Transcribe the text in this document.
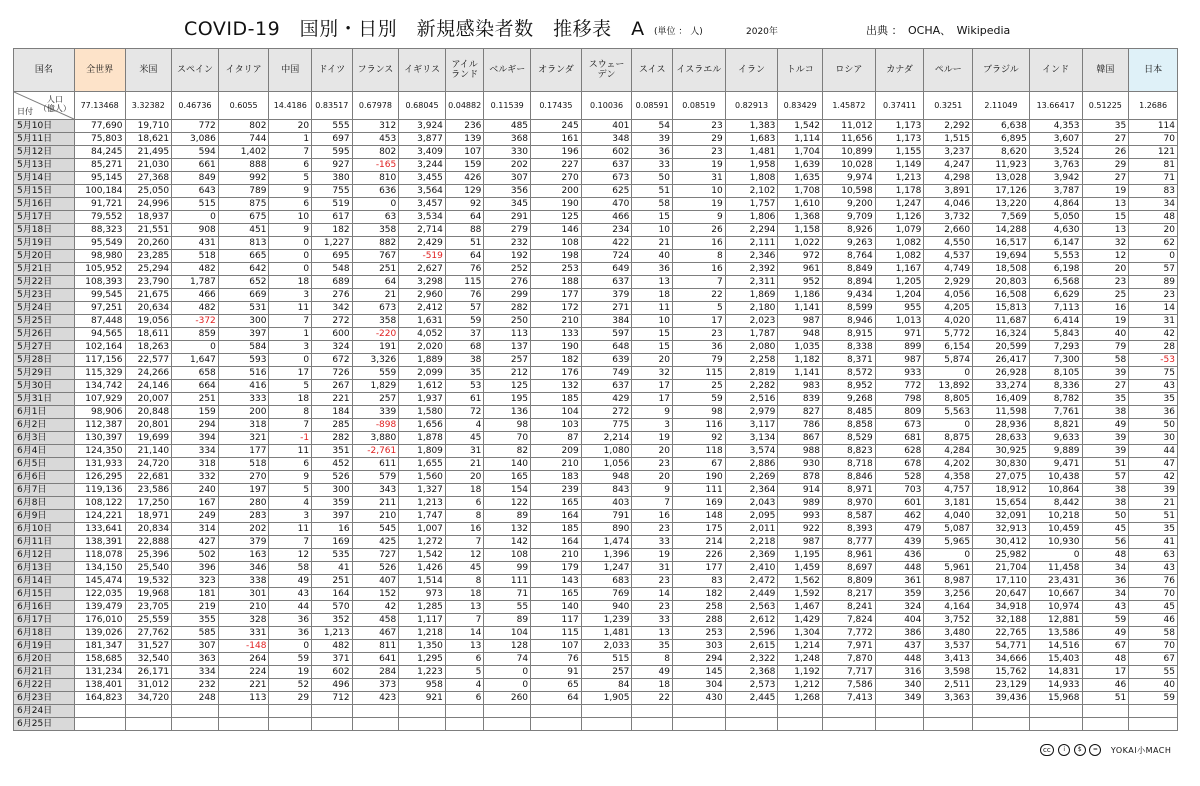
COVID-19　国別・日別　新規感染者数　推移表　A (単位 ： 人)	2020年	出典 ：　OCHA、　Wikipedia
国名	全世界	米国	スペイン	イタリア	中国	ドイツ	フランス	イギリス	アイル
ランド	ベルギー	オランダ	スウェー
デン	スイス	イスラエル	イラン	トルコ	ロシア	カナダ	ペルー	ブラジル	インド	韓国	日本

人口
（億人）
日付	77.13468	3.32382	0.46736	0.6055	14.4186	0.83517	0.67978	0.68045	0.04882	0.11539	0.17435	0.10036	0.08591	0.08519	0.82913	0.83429	1.45872	0.37411	0.3251	2.11049	13.66417	0.51225	1.2686
5月10日	77,690	19,710	772	802	20	555	312	3,924	236	485	245	401	54	23	1,383	1,542	11,012	1,173	2,292	6,638	4,353	35	114
5月11日	75,803	18,621	3,086	744	1	697	453	3,877	139	368	161	348	39	29	1,683	1,114	11,656	1,173	1,515	6,895	3,607	27	70
5月12日	84,245	21,495	594	1,402	7	595	802	3,409	107	330	196	602	36	23	1,481	1,704	10,899	1,155	3,237	8,620	3,524	26	121
5月13日	85,271	21,030	661	888	6	927	-165	3,244	159	202	227	637	33	19	1,958	1,639	10,028	1,149	4,247	11,923	3,763	29	81
5月14日	95,145	27,368	849	992	5	380	810	3,455	426	307	270	673	50	31	1,808	1,635	9,974	1,213	4,298	13,028	3,942	27	71
5月15日	100,184	25,050	643	789	9	755	636	3,564	129	356	200	625	51	10	2,102	1,708	10,598	1,178	3,891	17,126	3,787	19	83
5月16日	91,721	24,996	515	875	6	519	0	3,457	92	345	190	470	58	19	1,757	1,610	9,200	1,247	4,046	13,220	4,864	13	34
5月17日	79,552	18,937	0	675	10	617	63	3,534	64	291	125	466	15	9	1,806	1,368	9,709	1,126	3,732	7,569	5,050	15	48
5月18日	88,323	21,551	908	451	9	182	358	2,714	88	279	146	234	10	26	2,294	1,158	8,926	1,079	2,660	14,288	4,630	13	20
5月19日	95,549	20,260	431	813	0	1,227	882	2,429	51	232	108	422	21	16	2,111	1,022	9,263	1,082	4,550	16,517	6,147	32	62
5月20日	98,980	23,285	518	665	0	695	767	-519	64	192	198	724	40	8	2,346	972	8,764	1,082	4,537	19,694	5,553	12	0
5月21日	105,952	25,294	482	642	0	548	251	2,627	76	252	253	649	36	16	2,392	961	8,849	1,167	4,749	18,508	6,198	20	57
5月22日	108,393	23,790	1,787	652	18	689	64	3,298	115	276	188	637	13	7	2,311	952	8,894	1,205	2,929	20,803	6,568	23	89
5月23日	99,545	21,675	466	669	3	276	21	2,960	76	299	177	379	18	22	1,869	1,186	9,434	1,204	4,056	16,508	6,629	25	23
5月24日	97,251	20,634	482	531	11	342	673	2,412	57	282	172	271	11	5	2,180	1,141	8,599	955	4,205	15,813	7,113	16	14
5月25日	87,448	19,056	-372	300	7	272	358	1,631	59	250	210	384	10	17	2,023	987	8,946	1,013	4,020	11,687	6,414	19	31
5月26日	94,565	18,611	859	397	1	600	-220	4,052	37	113	133	597	15	23	1,787	948	8,915	971	5,772	16,324	5,843	40	42
5月27日	102,164	18,263	0	584	3	324	191	2,020	68	137	190	648	15	36	2,080	1,035	8,338	899	6,154	20,599	7,293	79	28
5月28日	117,156	22,577	1,647	593	0	672	3,326	1,889	38	257	182	639	20	79	2,258	1,182	8,371	987	5,874	26,417	7,300	58	-53
5月29日	115,329	24,266	658	516	17	726	559	2,099	35	212	176	749	32	115	2,819	1,141	8,572	933	0	26,928	8,105	39	75
5月30日	134,742	24,146	664	416	5	267	1,829	1,612	53	125	132	637	17	25	2,282	983	8,952	772	13,892	33,274	8,336	27	43
5月31日	107,929	20,007	251	333	18	221	257	1,937	61	195	185	429	17	59	2,516	839	9,268	798	8,805	16,409	8,782	35	35
6月1日	98,906	20,848	159	200	8	184	339	1,580	72	136	104	272	9	98	2,979	827	8,485	809	5,563	11,598	7,761	38	36
6月2日	112,387	20,801	294	318	7	285	-898	1,656	4	98	103	775	3	116	3,117	786	8,858	673	0	28,936	8,821	49	50
6月3日	130,397	19,699	394	321	-1	282	3,880	1,878	45	70	87	2,214	19	92	3,134	867	8,529	681	8,875	28,633	9,633	39	30
6月4日	124,350	21,140	334	177	11	351	-2,761	1,809	31	82	209	1,080	20	118	3,574	988	8,823	628	4,284	30,925	9,889	39	44
6月5日	131,933	24,720	318	518	6	452	611	1,655	21	140	210	1,056	23	67	2,886	930	8,718	678	4,202	30,830	9,471	51	47
6月6日	126,295	22,681	332	270	9	526	579	1,560	20	165	183	948	20	190	2,269	878	8,846	528	4,358	27,075	10,438	57	42
6月7日	119,136	23,586	240	197	5	300	343	1,327	18	154	239	843	9	111	2,364	914	8,971	703	4,757	18,912	10,864	38	39
6月8日	108,122	17,250	167	280	4	359	211	1,213	6	122	165	403	7	169	2,043	989	8,970	601	3,181	15,654	8,442	38	21
6月9日	124,221	18,971	249	283	3	397	210	1,747	8	89	164	791	16	148	2,095	993	8,587	462	4,040	32,091	10,218	50	51
6月10日	133,641	20,834	314	202	11	16	545	1,007	16	132	185	890	23	175	2,011	922	8,393	479	5,087	32,913	10,459	45	35
6月11日	138,391	22,888	427	379	7	169	425	1,272	7	142	164	1,474	33	214	2,218	987	8,777	439	5,965	30,412	10,930	56	41
6月12日	118,078	25,396	502	163	12	535	727	1,542	12	108	210	1,396	19	226	2,369	1,195	8,961	436	0	25,982	0	48	63
6月13日	134,150	25,540	396	346	58	41	526	1,426	45	99	179	1,247	31	177	2,410	1,459	8,697	448	5,961	21,704	11,458	34	43
6月14日	145,474	19,532	323	338	49	251	407	1,514	8	111	143	683	23	83	2,472	1,562	8,809	361	8,987	17,110	23,431	36	76
6月15日	122,035	19,968	181	301	43	164	152	973	18	71	165	769	14	182	2,449	1,592	8,217	359	3,256	20,647	10,667	34	70
6月16日	139,479	23,705	219	210	44	570	42	1,285	13	55	140	940	23	258	2,563	1,467	8,241	324	4,164	34,918	10,974	43	45
6月17日	176,010	25,559	355	328	36	352	458	1,117	7	89	117	1,239	33	288	2,612	1,429	7,824	404	3,752	32,188	12,881	59	46
6月18日	139,026	27,762	585	331	36	1,213	467	1,218	14	104	115	1,481	13	253	2,596	1,304	7,772	386	3,480	22,765	13,586	49	58
6月19日	181,347	31,527	307	-148	0	482	811	1,350	13	128	107	2,033	35	303	2,615	1,214	7,971	437	3,537	54,771	14,516	67	70
6月20日	158,685	32,540	363	264	59	371	641	1,295	6	74	76	515	8	294	2,322	1,248	7,870	448	3,413	34,666	15,403	48	67
6月21日	131,234	26,171	334	224	19	602	284	1,223	5	0	91	257	49	145	2,368	1,192	7,717	316	3,598	15,762	14,831	17	55
6月22日	138,401	31,012	232	221	52	496	373	958	4	0	65	84	18	304	2,573	1,212	7,586	340	2,511	23,129	14,933	46	40
6月23日	164,823	34,720	248	113	29	712	423	921	6	260	64	1,905	22	430	2,445	1,268	7,413	349	3,363	39,436	15,968	51	59
6月24日																							
6月25日																							
cc i $ = YOKAI小MACH
